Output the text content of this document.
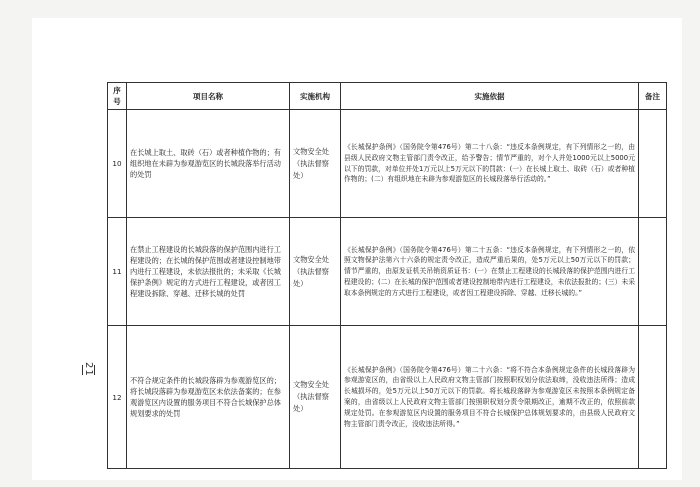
21
序号	项目名称	实施机构	实施依据	备注
10	在长城上取土、取砖（石）或者种植作物的；有组织地在未辟为参观游览区的长城段落举行活动的处罚	文物安全处（执法督察处）	《长城保护条例》（国务院令第476号）第二十八条：“违反本条例规定，有下列情形之一的，由县级人民政府文物主管部门责令改正，给予警告；情节严重的，对个人并处1000元以上5000元以下的罚款，对单位并处1万元以上5万元以下的罚款：(一）在长城上取土、取砖（石）或者种植作物的；(二）有组织地在未辟为参观游览区的长城段落举行活动的。”	
11	在禁止工程建设的长城段落的保护范围内进行工程建设的；在长城的保护范围或者建设控制地带内进行工程建设，未依法报批的；未采取《长城保护条例》规定的方式进行工程建设，或者因工程建设拆除、穿越、迁移长城的处罚	文物安全处（执法督察处）	《长城保护条例》（国务院令第476号）第二十五条：“违反本条例规定，有下列情形之一的，依照文物保护法第六十六条的规定责令改正，造成严重后果的，处5万元以上50万元以下的罚款；情节严重的，由原发证机关吊销资质证书：(一）在禁止工程建设的长城段落的保护范围内进行工程建设的；(二）在长城的保护范围或者建设控制地带内进行工程建设，未依法报批的；(三）未采取本条例规定的方式进行工程建设，或者因工程建设拆除、穿越、迁移长城的。”	
12	不符合规定条件的长城段落辟为参观游览区的；将长城段落辟为参观游览区未依法备案的；在参观游览区内设置的服务项目不符合长城保护总体规划要求的处罚	文物安全处（执法督察处）	《长城保护条例》（国务院令第476号）第二十六条：“将不符合本条例规定条件的长城段落辟为参观游览区的，由省级以上人民政府文物主管部门按照职权划分依法取缔，没收违法所得；造成长城损坏的，处5万元以上50万元以下的罚款。将长城段落辟为参观游览区未按照本条例规定备案的，由省级以上人民政府文物主管部门按照职权划分责令限期改正，逾期不改正的，依照前款规定处罚。在参观游览区内设置的服务项目不符合长城保护总体规划要求的，由县级人民政府文物主管部门责令改正，没收违法所得。”	
